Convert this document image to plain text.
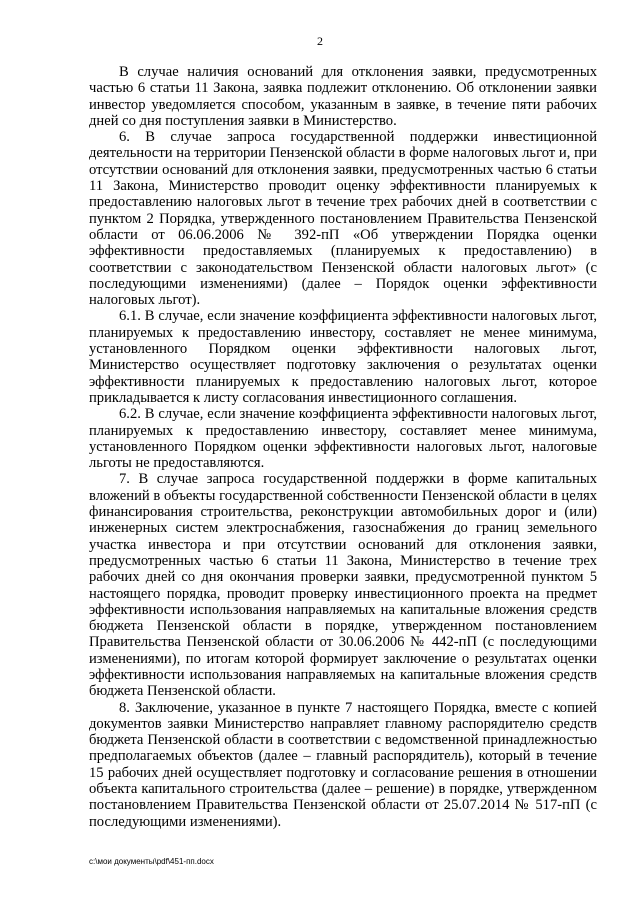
2

В случае наличия оснований для отклонения заявки, предусмотренных частью 6 статьи 11 Закона, заявка подлежит отклонению. Об отклонении заявки инвестор уведомляется способом, указанным в заявке, в течение пяти рабочих дней со дня поступления заявки в Министерство.

6. В случае запроса государственной поддержки инвестиционной деятельности на территории Пензенской области в форме налоговых льгот и, при отсутствии оснований для отклонения заявки, предусмотренных частью 6 статьи 11 Закона, Министерство проводит оценку эффективности планируемых к предоставлению налоговых льгот в течение трех рабочих дней в соответствии с пунктом 2 Порядка, утвержденного постановлением Правительства Пензенской области от 06.06.2006 № 392-пП «Об утверждении Порядка оценки эффективности предоставляемых (планируемых к предоставлению) в соответствии с законодательством Пензенской области налоговых льгот» (с последующими изменениями) (далее – Порядок оценки эффективности налоговых льгот).

6.1. В случае, если значение коэффициента эффективности налоговых льгот, планируемых к предоставлению инвестору, составляет не менее минимума, установленного Порядком оценки эффективности налоговых льгот, Министерство осуществляет подготовку заключения о результатах оценки эффективности планируемых к предоставлению налоговых льгот, которое прикладывается к листу согласования инвестиционного соглашения.

6.2. В случае, если значение коэффициента эффективности налоговых льгот, планируемых к предоставлению инвестору, составляет менее минимума, установленного Порядком оценки эффективности налоговых льгот, налоговые льготы не предоставляются.

7. В случае запроса государственной поддержки в форме капитальных вложений в объекты государственной собственности Пензенской области в целях финансирования строительства, реконструкции автомобильных дорог и (или) инженерных систем электроснабжения, газоснабжения до границ земельного участка инвестора и при отсутствии оснований для отклонения заявки, предусмотренных частью 6 статьи 11 Закона, Министерство в течение трех рабочих дней со дня окончания проверки заявки, предусмотренной пунктом 5 настоящего порядка, проводит проверку инвестиционного проекта на предмет эффективности использования направляемых на капитальные вложения средств бюджета Пензенской области в порядке, утвержденном постановлением Правительства Пензенской области от 30.06.2006 № 442-пП (с последующими изменениями), по итогам которой формирует заключение о результатах оценки эффективности использования направляемых на капитальные вложения средств бюджета Пензенской области.

8. Заключение, указанное в пункте 7 настоящего Порядка, вместе с копией документов заявки Министерство направляет главному распорядителю средств бюджета Пензенской области в соответствии с ведомственной принадлежностью предполагаемых объектов (далее – главный распорядитель), который в течение 15 рабочих дней осуществляет подготовку и согласование решения в отношении объекта капитального строительства (далее – решение) в порядке, утвержденном постановлением Правительства Пензенской области от 25.07.2014 № 517-пП (с последующими изменениями).

c:\мои документы\pdf\451-пп.docx
